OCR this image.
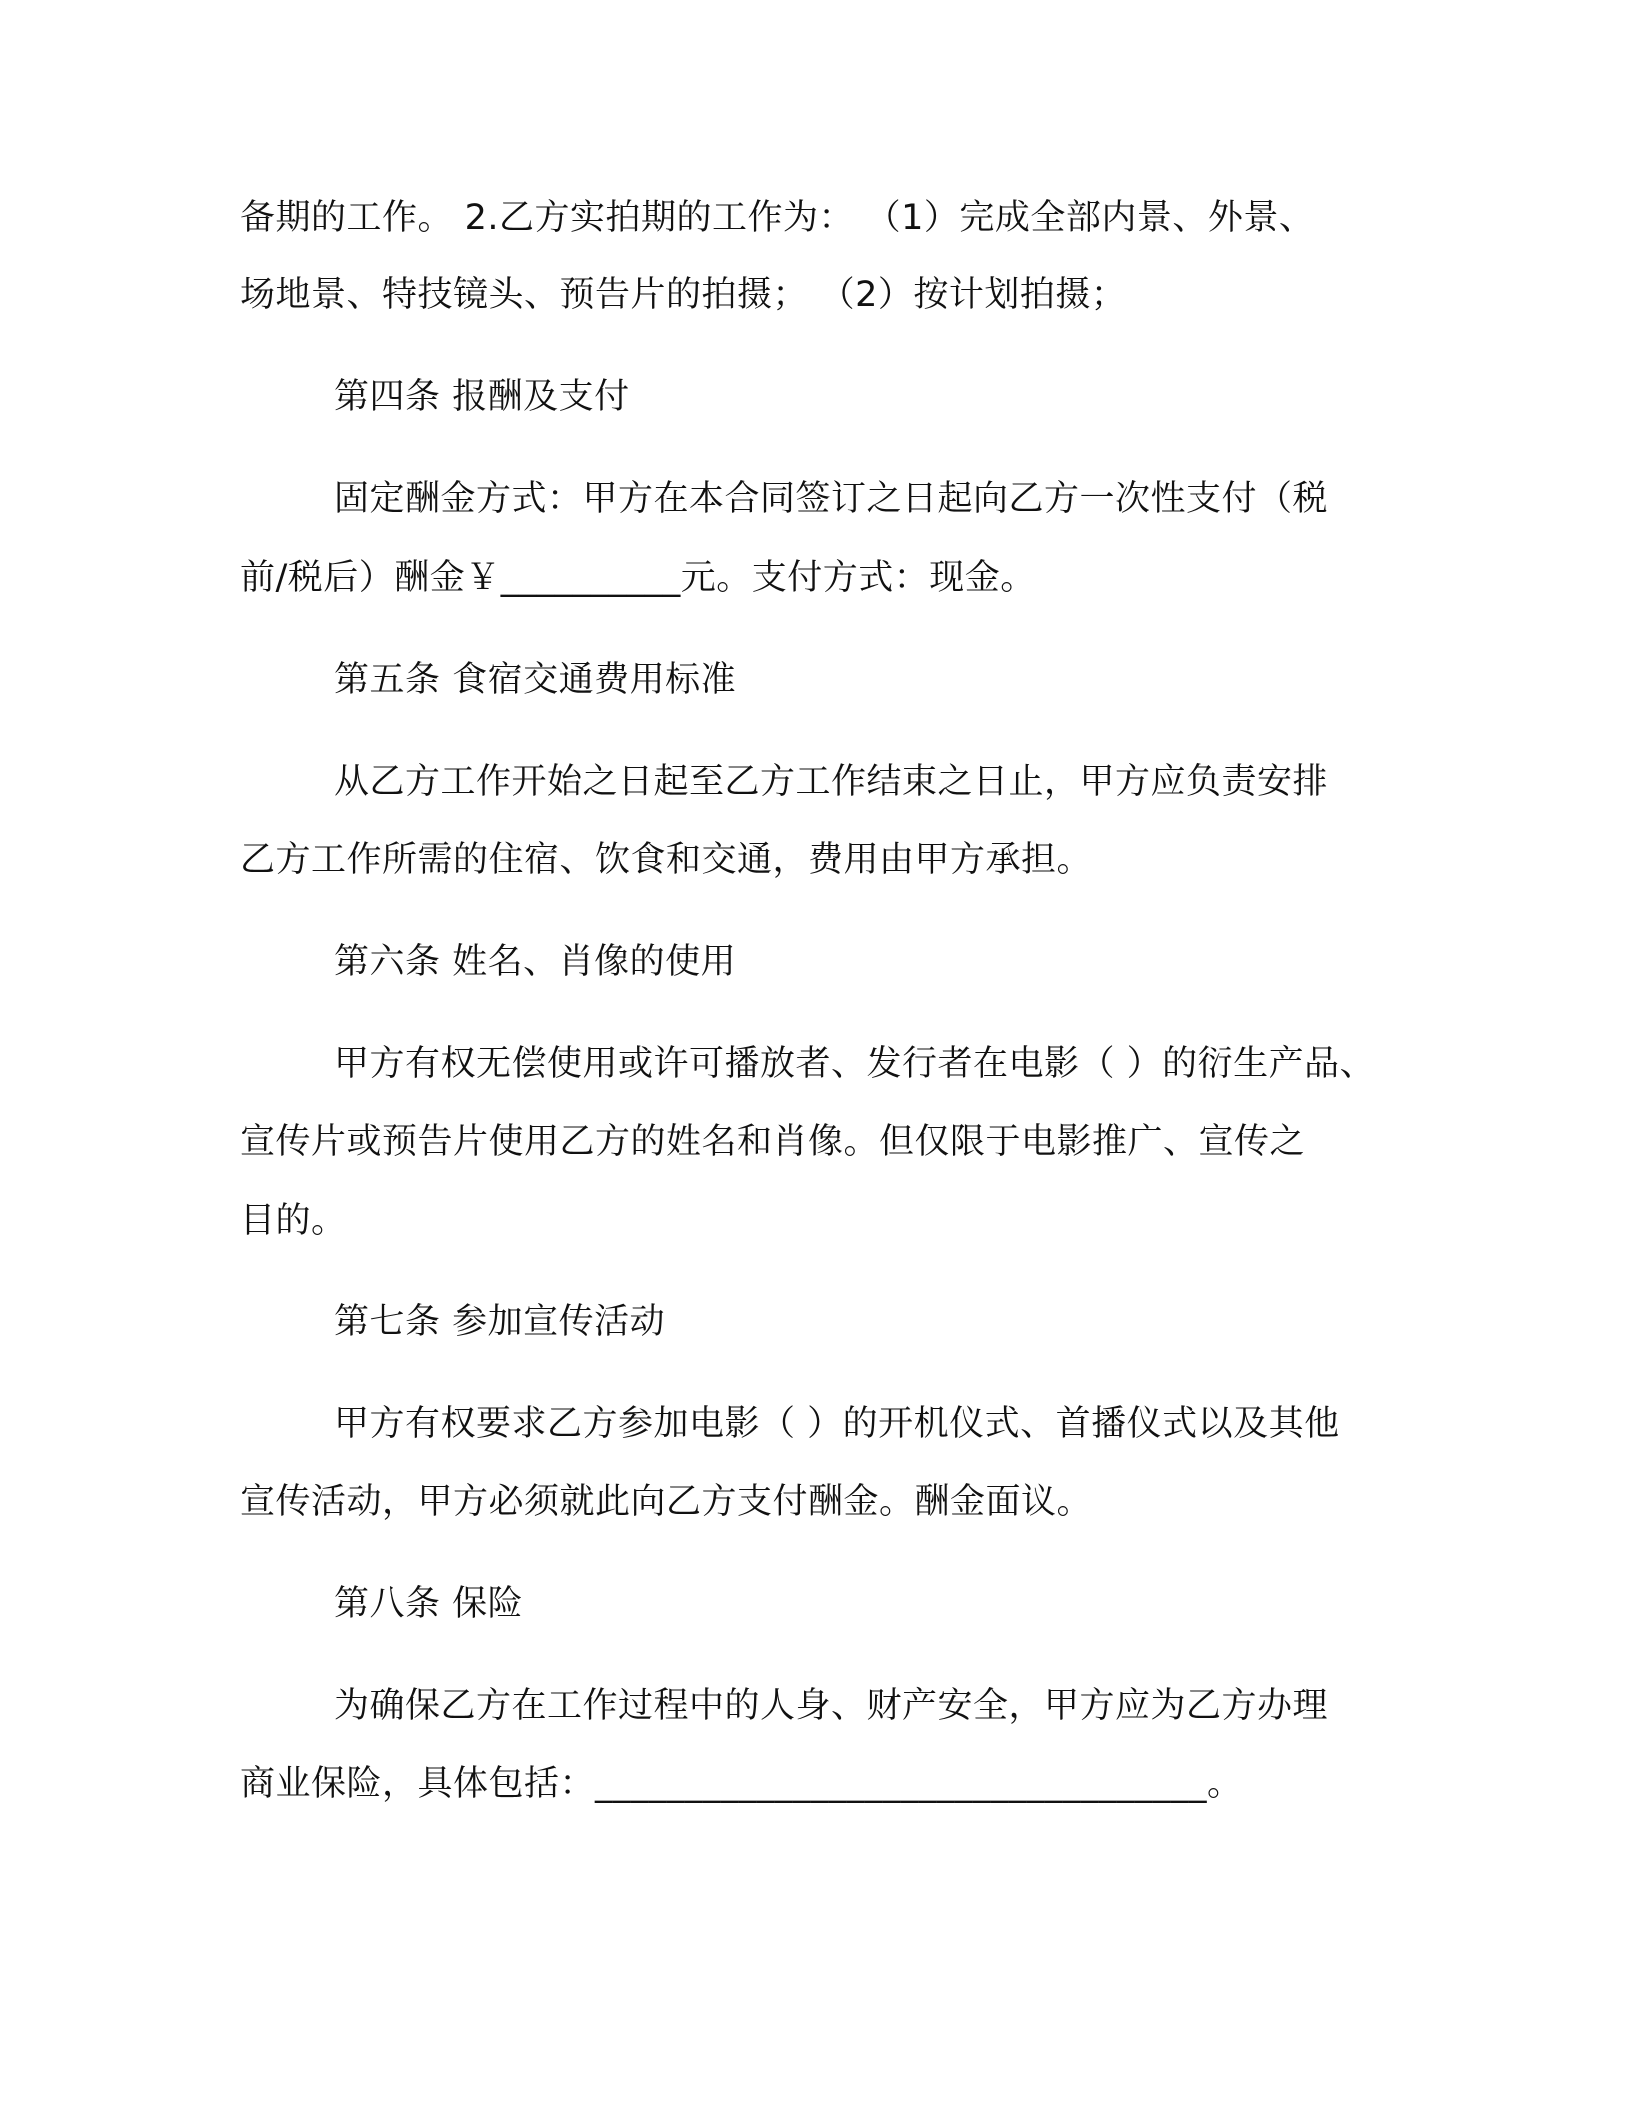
备期的工作。 2.乙方实拍期的工作为： （1）完成全部内景、外景、
场地景、特技镜头、预告片的拍摄； （2）按计划拍摄；
第四条 报酬及支付
固定酬金方式：甲方在本合同签订之日起向乙方一次性支付（税
前/税后）酬金￥__________元。支付方式：现金。
第五条 食宿交通费用标准
从乙方工作开始之日起至乙方工作结束之日止，甲方应负责安排
乙方工作所需的住宿、饮食和交通，费用由甲方承担。
第六条 姓名、肖像的使用
甲方有权无偿使用或许可播放者、发行者在电影（ ）的衍生产品、
宣传片或预告片使用乙方的姓名和肖像。但仅限于电影推广、宣传之
目的。
第七条 参加宣传活动
甲方有权要求乙方参加电影（ ）的开机仪式、首播仪式以及其他
宣传活动，甲方必须就此向乙方支付酬金。酬金面议。
第八条 保险
为确保乙方在工作过程中的人身、财产安全，甲方应为乙方办理
商业保险，具体包括：__________________________________。
